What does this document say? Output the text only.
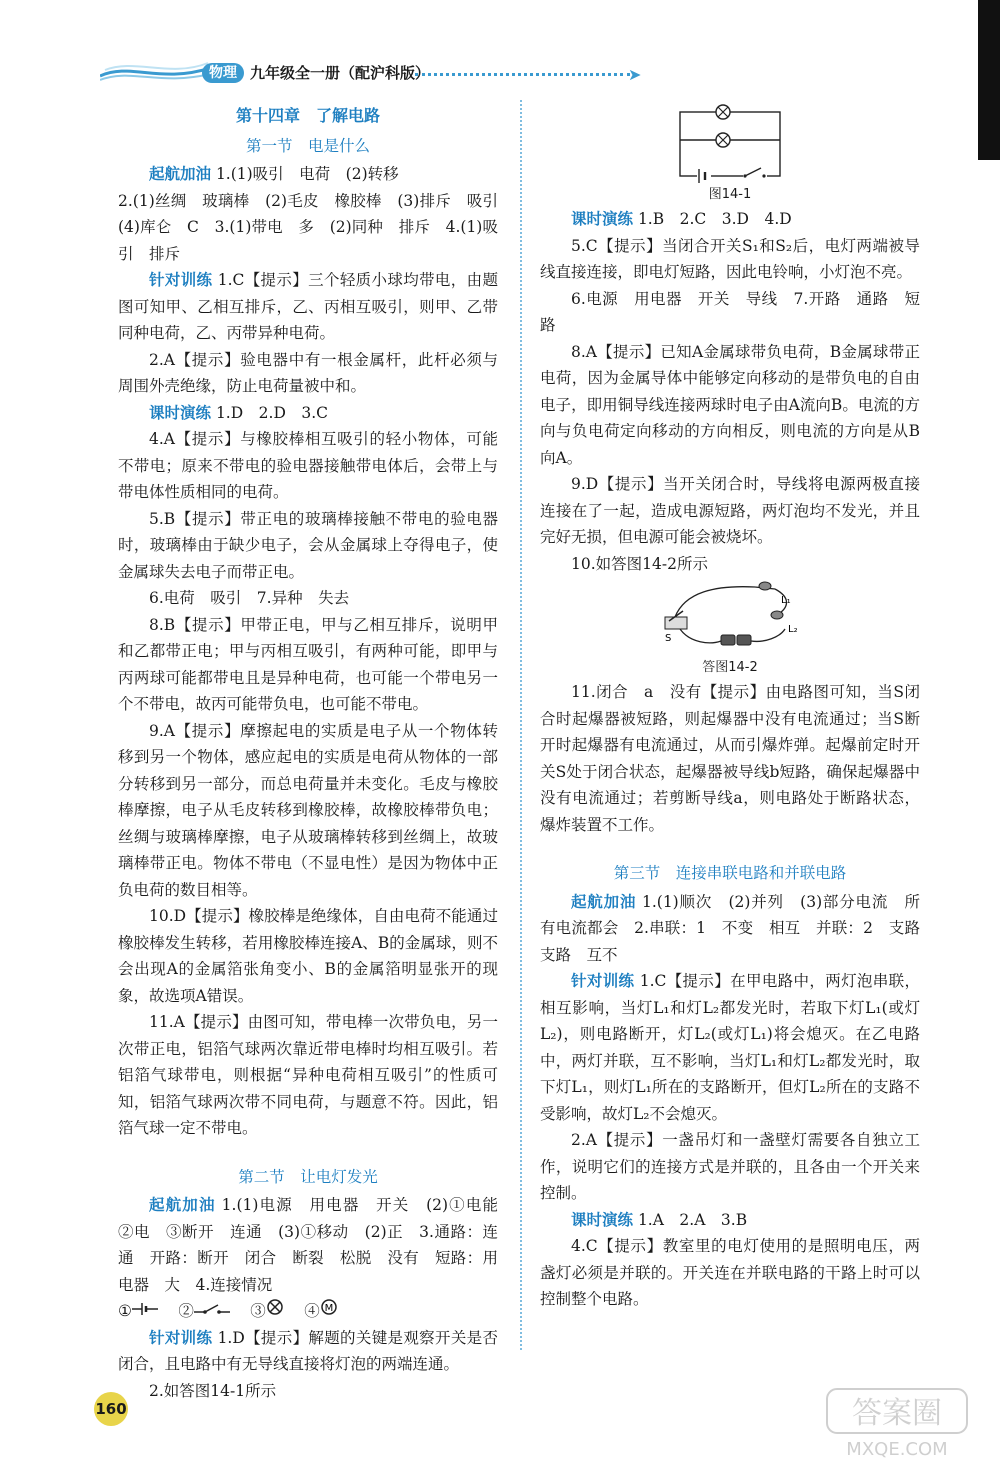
物理 九年级全一册（配沪科版）	➤
第十四章　了解电路
第一节　电是什么

起航加油 1.(1)吸引　电荷　(2)转移

2.(1)丝绸　玻璃棒　(2)毛皮　橡胶棒　(3)排斥　吸引　(4)库仑　C　3.(1)带电　多　(2)同种　排斥　4.(1)吸引　排斥

针对训练 1.C【提示】三个轻质小球均带电，由题图可知甲、乙相互排斥，乙、丙相互吸引，则甲、乙带同种电荷，乙、丙带异种电荷。

2.A【提示】验电器中有一根金属杆，此杆必须与周围外壳绝缘，防止电荷量被中和。

课时演练 1.D　2.D　3.C

4.A【提示】与橡胶棒相互吸引的轻小物体，可能不带电；原来不带电的验电器接触带电体后，会带上与带电体性质相同的电荷。

5.B【提示】带正电的玻璃棒接触不带电的验电器时，玻璃棒由于缺少电子，会从金属球上夺得电子，使金属球失去电子而带正电。

6.电荷　吸引　7.异种　失去

8.B【提示】甲带正电，甲与乙相互排斥，说明甲和乙都带正电；甲与丙相互吸引，有两种可能，即甲与丙两球可能都带电且是异种电荷，也可能一个带电另一个不带电，故丙可能带负电，也可能不带电。

9.A【提示】摩擦起电的实质是电子从一个物体转移到另一个物体，感应起电的实质是电荷从物体的一部分转移到另一部分，而总电荷量并未变化。毛皮与橡胶棒摩擦，电子从毛皮转移到橡胶棒，故橡胶棒带负电；丝绸与玻璃棒摩擦，电子从玻璃棒转移到丝绸上，故玻璃棒带正电。物体不带电（不显电性）是因为物体中正负电荷的数目相等。

10.D【提示】橡胶棒是绝缘体，自由电荷不能通过橡胶棒发生转移，若用橡胶棒连接A、B的金属球，则不会出现A的金属箔张角变小、B的金属箔明显张开的现象，故选项A错误。

11.A【提示】由图可知，带电棒一次带负电，另一次带正电，铝箔气球两次靠近带电棒时均相互吸引。若铝箔气球带电，则根据“异种电荷相互吸引”的性质可知，铝箔气球两次带不同电荷，与题意不符。因此，铝箔气球一定不带电。

第二节　让电灯发光

起航加油 1.(1)电源　用电器　开关　(2)①电能　②电　③断开　连通　(3)①移动　(2)正　3.通路：连通　开路：断开　闭合　断裂　松脱　没有　短路：用电器　大　4.连接情况

① 　	② 　	③ 　 ④ M

针对训练 1.D【提示】解题的关键是观察开关是否闭合，且电路中有无导线直接将灯泡的两端连通。

2.如答图14-1所示

图14-1

课时演练 1.B　2.C　3.D　4.D

5.C【提示】当闭合开关S₁和S₂后，电灯两端被导线直接连接，即电灯短路，因此电铃响，小灯泡不亮。

6.电源　用电器　开关　导线　7.开路　通路　短路

8.A【提示】已知A金属球带负电荷，B金属球带正电荷，因为金属导体中能够定向移动的是带负电的自由电子，即用铜导线连接两球时电子由A流向B。电流的方向与负电荷定向移动的方向相反，则电流的方向是从B向A。

9.D【提示】当开关闭合时，导线将电源两极直接连接在了一起，造成电源短路，两灯泡均不发光，并且完好无损，但电源可能会被烧坏。

10.如答图14-2所示

L₁
L₂
S
答图14-2

11.闭合　a　没有【提示】由电路图可知，当S闭合时起爆器被短路，则起爆器中没有电流通过；当S断开时起爆器有电流通过，从而引爆炸弹。起爆前定时开关S处于闭合状态，起爆器被导线b短路，确保起爆器中没有电流通过；若剪断导线a，则电路处于断路状态，爆炸装置不工作。

第三节　连接串联电路和并联电路

起航加油 1.(1)顺次　(2)并列　(3)部分电流　所有电流都会　2.串联：1　不变　相互　并联：2　支路　支路　互不

针对训练 1.C【提示】在甲电路中，两灯泡串联，相互影响，当灯L₁和灯L₂都发光时，若取下灯L₁(或灯L₂)，则电路断开，灯L₂(或灯L₁)将会熄灭。在乙电路中，两灯并联，互不影响，当灯L₁和灯L₂都发光时，取下灯L₁，则灯L₁所在的支路断开，但灯L₂所在的支路不受影响，故灯L₂不会熄灭。

2.A【提示】一盏吊灯和一盏壁灯需要各自独立工作，说明它们的连接方式是并联的，且各由一个开关来控制。

课时演练 1.A　2.A　3.B

4.C【提示】教室里的电灯使用的是照明电压，两盏灯必须是并联的。开关连在并联电路的干路上时可以控制整个电路。

160	答案圈
MXQE.COM
